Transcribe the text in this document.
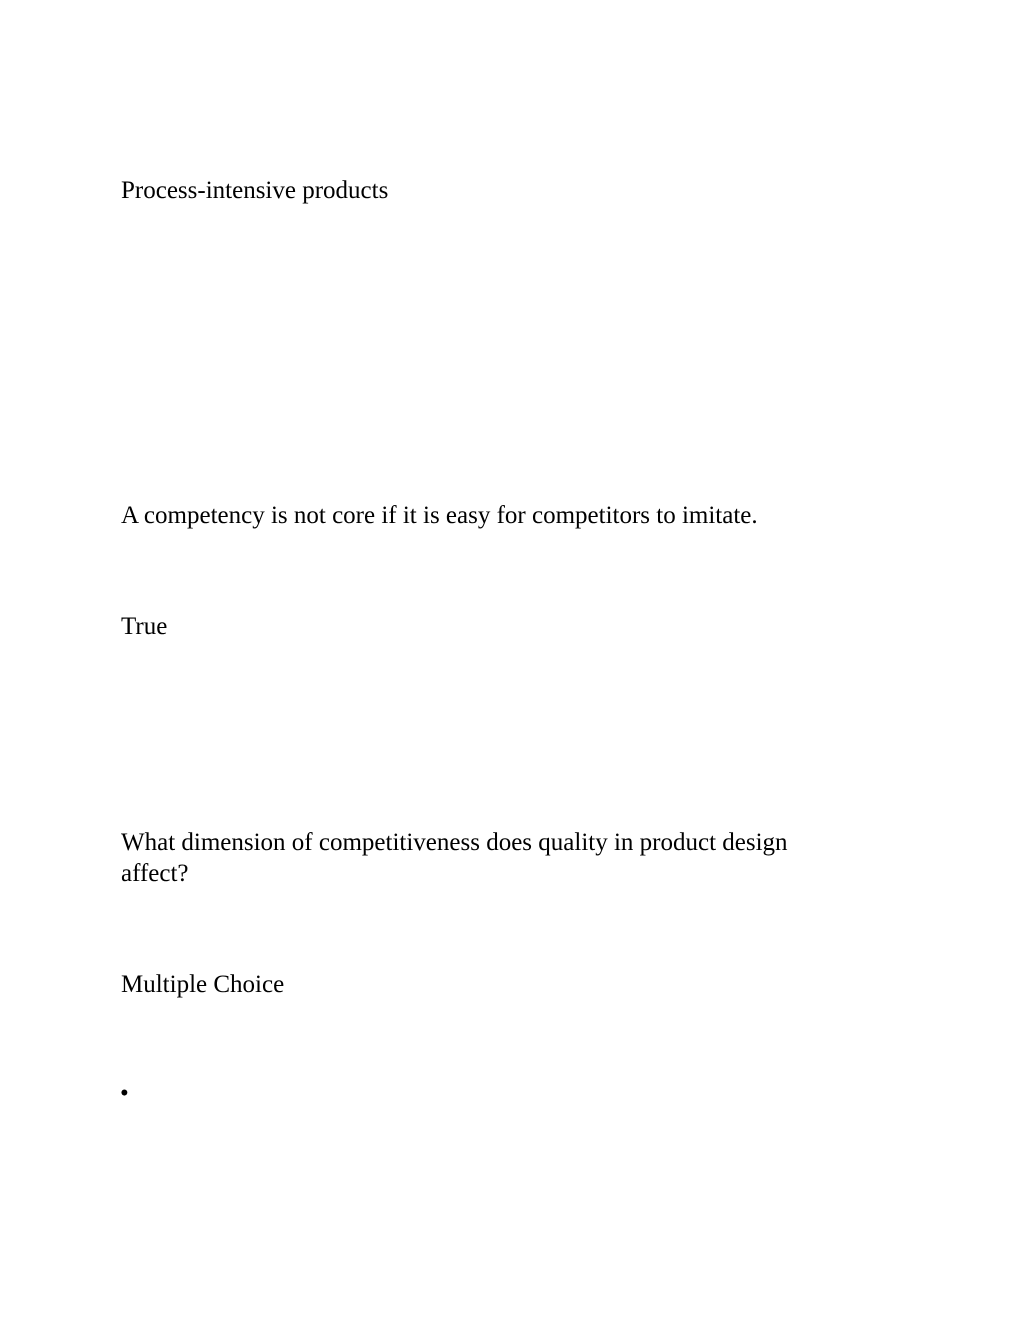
Process-intensive products

A competency is not core if it is easy for competitors to imitate.

True

What dimension of competitiveness does quality in product design affect?

Multiple Choice

•
